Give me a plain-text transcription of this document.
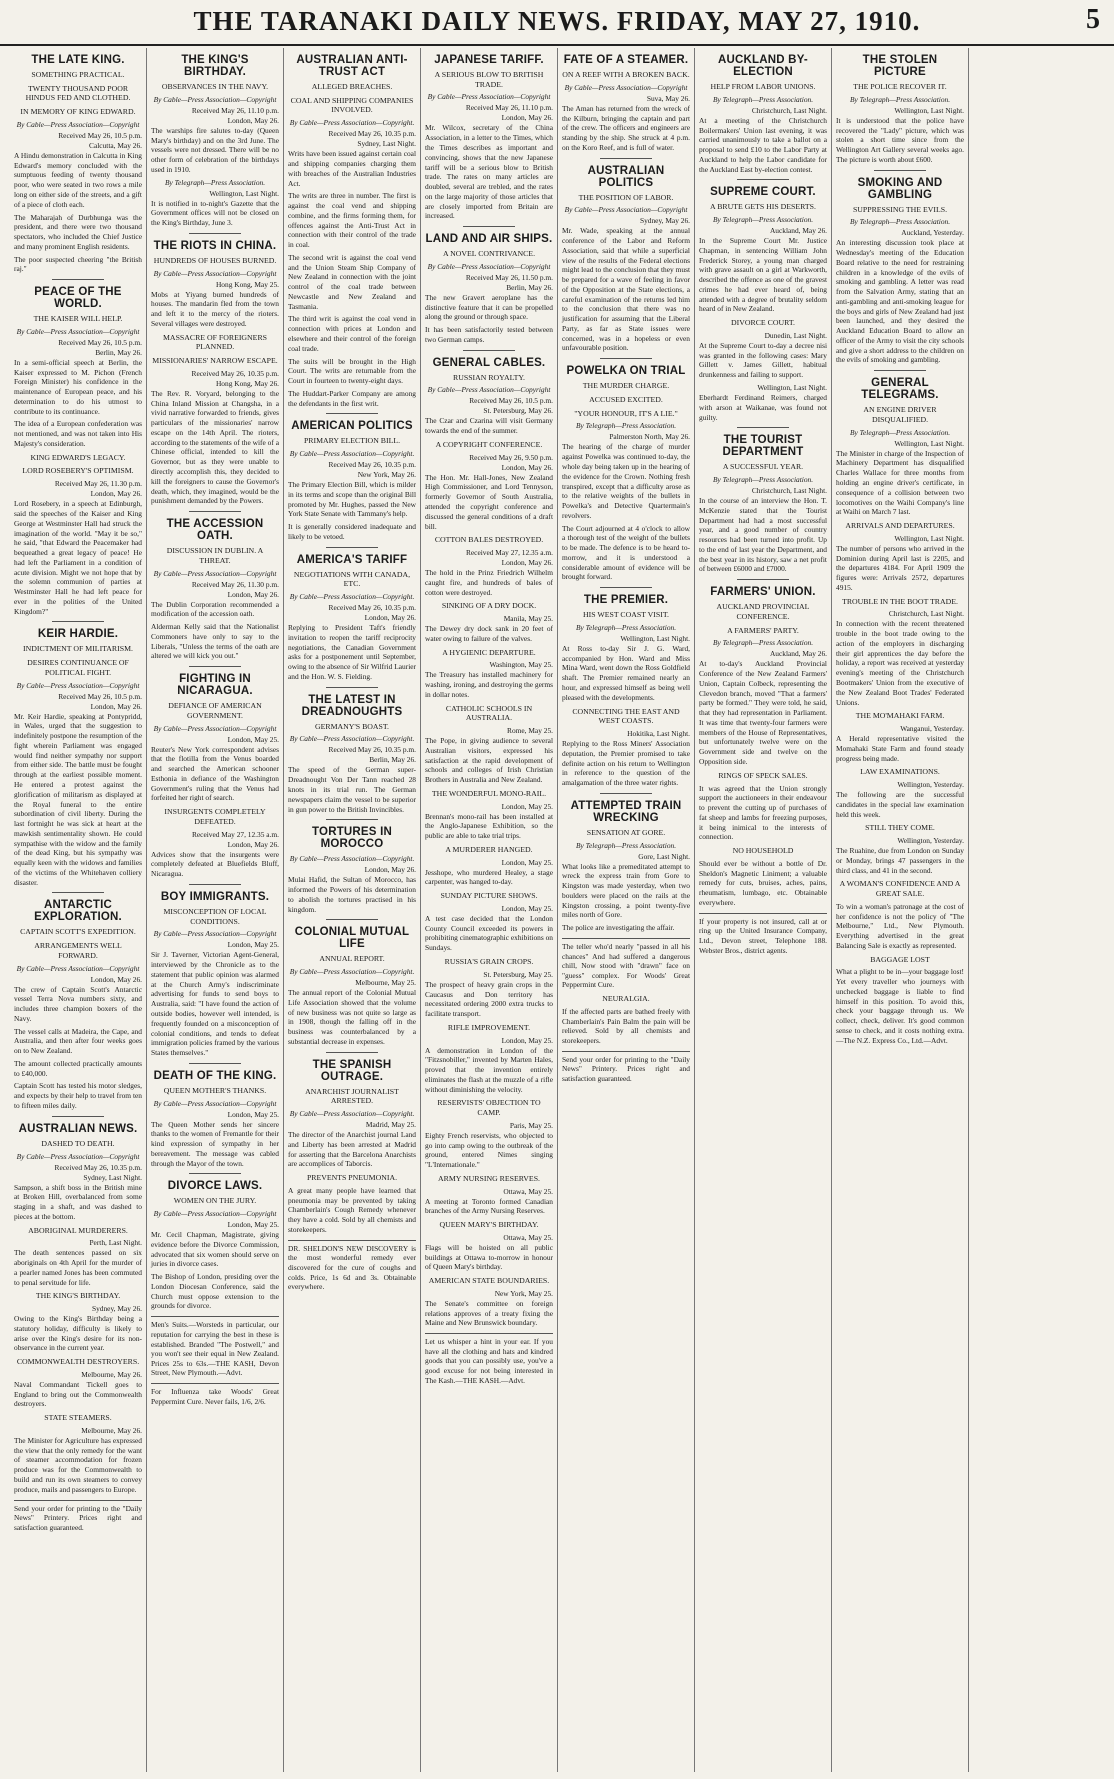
THE TARANAKI DAILY NEWS. FRIDAY, MAY 27, 1910.	5
THE LATE KING.
SOMETHING PRACTICAL.
TWENTY THOUSAND POOR HINDUS FED AND CLOTHED.
IN MEMORY OF KING EDWARD.
By Cable—Press Association—Copyright
Received May 26, 10.5 p.m.
Calcutta, May 26.

A Hindu demonstration in Calcutta in King Edward's memory concluded with the sumptuous feeding of twenty thousand poor, who were seated in two rows a mile long on either side of the streets, and a gift of a piece of cloth each.

The Maharajah of Durbhunga was the president, and there were two thousand spectators, who included the Chief Justice and many prominent English residents.

The poor suspected cheering "the British raj."

PEACE OF THE WORLD.
THE KAISER WILL HELP.
By Cable—Press Association—Copyright
Received May 26, 10.5 p.m.
Berlin, May 26.

In a semi-official speech at Berlin, the Kaiser expressed to M. Pichon (French Foreign Minister) his confidence in the maintenance of European peace, and his determination to do his utmost to contribute to its continuance.

The idea of a European confederation was not mentioned, and was not taken into His Majesty's consideration.

KING EDWARD'S LEGACY.
LORD ROSEBERY'S OPTIMISM.
Received May 26, 11.30 p.m.
London, May 26.

Lord Rosebery, in a speech at Edinburgh, said the speeches of the Kaiser and King George at Westminster Hall had struck the imagination of the world. "May it be so," he said, "that Edward the Peacemaker had bequeathed a great legacy of peace! He had left the Parliament in a condition of acute division. Might we not hope that by the solemn communion of parties at Westminster Hall he had left peace for ever in the polities of the United Kingdom?"

KEIR HARDIE.
INDICTMENT OF MILITARISM.
DESIRES CONTINUANCE OF POLITICAL FIGHT.
By Cable—Press Association—Copyright
Received May 26, 10.5 p.m.
London, May 26.

Mr. Keir Hardie, speaking at Pontypridd, in Wales, urged that the suggestion to indefinitely postpone the resumption of the fight wherein Parliament was engaged would find neither sympathy nor support from either side. The battle must be fought through at the earliest possible moment. He entered a protest against the glorification of militarism as displayed at the Royal funeral to the entire subordination of civil liberty. During the last fortnight he was sick at heart at the mawkish sentimentality shown. He could sympathise with the widow and the family of the dead King, but his sympathy was equally keen with the widows and families of the victims of the Whitehaven colliery disaster.

ANTARCTIC EXPLORATION.
CAPTAIN SCOTT'S EXPEDITION.
ARRANGEMENTS WELL FORWARD.
By Cable—Press Association—Copyright
London, May 26.

The crew of Captain Scott's Antarctic vessel Terra Nova numbers sixty, and includes three champion boxers of the Navy.

The vessel calls at Madeira, the Cape, and Australia, and then after four weeks goes on to New Zealand.

The amount collected practically amounts to £40,000.

Captain Scott has tested his motor sledges, and expects by their help to travel from ten to fifteen miles daily.

AUSTRALIAN NEWS.
DASHED TO DEATH.
By Cable—Press Association—Copyright
Received May 26, 10.35 p.m.
Sydney, Last Night.

Sampson, a shift boss in the British mine at Broken Hill, overbalanced from some staging in a shaft, and was dashed to pieces at the bottom.

ABORIGINAL MURDERERS.
Perth, Last Night.

The death sentences passed on six aboriginals on 4th April for the murder of a pearler named Jones has been commuted to penal servitude for life.

THE KING'S BIRTHDAY.
Sydney, May 26.

Owing to the King's Birthday being a statutory holiday, difficulty is likely to arise over the King's desire for its non-observance in the current year.

COMMONWEALTH DESTROYERS.
Melbourne, May 26.

Naval Commandant Tickell goes to England to bring out the Commonwealth destroyers.

STATE STEAMERS.
Melbourne, May 26.

The Minister for Agriculture has expressed the view that the only remedy for the want of steamer accommodation for frozen produce was for the Commonwealth to build and run its own steamers to convey produce, mails and passengers to Europe.

Send your order for printing to the "Daily News" Printery. Prices right and satisfaction guaranteed.
THE KING'S BIRTHDAY.
OBSERVANCES IN THE NAVY.
By Cable—Press Association—Copyright
Received May 26, 11.10 p.m.
London, May 26.

The warships fire salutes to-day (Queen Mary's birthday) and on the 3rd June. The vessels were not dressed. There will be no other form of celebration of the birthdays used in 1910.

By Telegraph—Press Association.
Wellington, Last Night.

It is notified in to-night's Gazette that the Government offices will not be closed on the King's Birthday, June 3.

THE RIOTS IN CHINA.
HUNDREDS OF HOUSES BURNED.
By Cable—Press Association—Copyright
Hong Kong, May 25.

Mobs at Yiyang burned hundreds of houses. The mandarin fled from the town and left it to the mercy of the rioters. Several villages were destroyed.

MASSACRE OF FOREIGNERS PLANNED.
MISSIONARIES' NARROW ESCAPE.
Received May 26, 10.35 p.m.
Hong Kong, May 26.

The Rev. R. Voryard, belonging to the China Inland Mission at Changsha, in a vivid narrative forwarded to friends, gives particulars of the missionaries' narrow escape on the 14th April. The rioters, according to the statements of the wife of a Chinese official, intended to kill the Governor, but as they were unable to directly accomplish this, they decided to kill the foreigners to cause the Governor's death, which, they imagined, would be the punishment demanded by the Powers.

THE ACCESSION OATH.
DISCUSSION IN DUBLIN. A THREAT.
By Cable—Press Association—Copyright
Received May 26, 11.30 p.m.
London, May 26.

The Dublin Corporation recommended a modification of the accession oath.

Alderman Kelly said that the Nationalist Commoners have only to say to the Liberals, "Unless the terms of the oath are altered we will kick you out."

FIGHTING IN NICARAGUA.
DEFIANCE OF AMERICAN GOVERNMENT.
By Cable—Press Association—Copyright
London, May 25.

Reuter's New York correspondent advises that the flotilla from the Venus boarded and searched the American schooner Esthonia in defiance of the Washington Government's ruling that the Venus had forfeited her right of search.

INSURGENTS COMPLETELY DEFEATED.
Received May 27, 12.35 a.m.
London, May 26.

Advices show that the insurgents were completely defeated at Bluefields Bluff, Nicaragua.

BOY IMMIGRANTS.
MISCONCEPTION OF LOCAL CONDITIONS.
By Cable—Press Association—Copyright
London, May 25.

Sir J. Taverner, Victorian Agent-General, interviewed by the Chronicle as to the statement that public opinion was alarmed at the Church Army's indiscriminate advertising for funds to send boys to Australia, said: "I have found the action of outside bodies, however well intended, is frequently founded on a misconception of colonial conditions, and tends to defeat immigration policies framed by the various States themselves."

DEATH OF THE KING.
QUEEN MOTHER'S THANKS.
By Cable—Press Association—Copyright
London, May 25.

The Queen Mother sends her sincere thanks to the women of Fremantle for their kind expression of sympathy in her bereavement. The message was cabled through the Mayor of the town.

DIVORCE LAWS.
WOMEN ON THE JURY.
By Cable—Press Association—Copyright
London, May 25.

Mr. Cecil Chapman, Magistrate, giving evidence before the Divorce Commission, advocated that six women should serve on juries in divorce cases.

The Bishop of London, presiding over the London Diocesan Conference, said the Church must oppose extension to the grounds for divorce.

Men's Suits.—Worsteds in particular, our reputation for carrying the best in these is established. Branded "The Postwell," and you won't see their equal in New Zealand. Prices 25s to 63s.—THE KASH, Devon Street, New Plymouth.—Advt.
For Influenza take Woods' Great Peppermint Cure. Never fails, 1/6, 2/6.
AUSTRALIAN ANTI-TRUST ACT
ALLEGED BREACHES.
COAL AND SHIPPING COMPANIES INVOLVED.
By Cable—Press Association—Copyright.
Received May 26, 10.35 p.m.
Sydney, Last Night.

Writs have been issued against certain coal and shipping companies charging them with breaches of the Australian Industries Act.

The writs are three in number. The first is against the coal vend and shipping combine, and the firms forming them, for offences against the Anti-Trust Act in connection with their control of the trade in coal.

The second writ is against the coal vend and the Union Steam Ship Company of New Zealand in connection with the joint control of the coal trade between Newcastle and New Zealand and Tasmania.

The third writ is against the coal vend in connection with prices at London and elsewhere and their control of the foreign coal trade.

The suits will be brought in the High Court. The writs are returnable from the Court in fourteen to twenty-eight days.

The Huddart-Parker Company are among the defendants in the first writ.

AMERICAN POLITICS
PRIMARY ELECTION BILL.
By Cable—Press Association—Copyright.
Received May 26, 10.35 p.m.
New York, May 26.

The Primary Election Bill, which is milder in its terms and scope than the original Bill promoted by Mr. Hughes, passed the New York State Senate with Tammany's help.

It is generally considered inadequate and likely to be vetoed.

AMERICA'S TARIFF
NEGOTIATIONS WITH CANADA, ETC.
By Cable—Press Association—Copyright.
Received May 26, 10.35 p.m.
London, May 26.

Replying to President Taft's friendly invitation to reopen the tariff reciprocity negotiations, the Canadian Government asks for a postponement until September, owing to the absence of Sir Wilfrid Laurier and the Hon. W. S. Fielding.

THE LATEST IN DREADNOUGHTS
GERMANY'S BOAST.
By Cable—Press Association—Copyright.
Received May 26, 10.35 p.m.
Berlin, May 26.

The speed of the German super-Dreadnought Von Der Tann reached 28 knots in its trial run. The German newspapers claim the vessel to be superior in gun power to the British Invincibles.

TORTURES IN MOROCCO
By Cable—Press Association—Copyright.
London, May 26.

Mulai Hafid, the Sultan of Morocco, has informed the Powers of his determination to abolish the tortures practised in his kingdom.

COLONIAL MUTUAL LIFE
ANNUAL REPORT.
By Cable—Press Association—Copyright.
Melbourne, May 25.

The annual report of the Colonial Mutual Life Association showed that the volume of new business was not quite so large as in 1908, though the falling off in the business was counterbalanced by a substantial decrease in expenses.

THE SPANISH OUTRAGE.
ANARCHIST JOURNALIST ARRESTED.
By Cable—Press Association—Copyright.
Madrid, May 25.

The director of the Anarchist journal Land and Liberty has been arrested at Madrid for asserting that the Barcelona Anarchists are accomplices of Taborcis.

PREVENTS PNEUMONIA.

A great many people have learned that pneumonia may be prevented by taking Chamberlain's Cough Remedy whenever they have a cold. Sold by all chemists and storekeepers.

DR. SHELDON'S NEW DISCOVERY is the most wonderful remedy ever discovered for the cure of coughs and colds. Price, 1s 6d and 3s. Obtainable everywhere.
JAPANESE TARIFF.
A SERIOUS BLOW TO BRITISH TRADE.
By Cable—Press Association—Copyright
Received May 26, 11.10 p.m.
London, May 26.

Mr. Wilcox, secretary of the China Association, in a letter to the Times, which the Times describes as important and convincing, shows that the new Japanese tariff will be a serious blow to British trade. The rates on many articles are doubled, several are trebled, and the rates on the large majority of those articles that are closely imported from Britain are increased.

LAND AND AIR SHIPS.
A NOVEL CONTRIVANCE.
By Cable—Press Association—Copyright
Received May 26, 11.50 p.m.
Berlin, May 26.

The new Gravert aeroplane has the distinctive feature that it can be propelled along the ground or through space.

It has been satisfactorily tested between two German camps.

GENERAL CABLES.
RUSSIAN ROYALTY.
By Cable—Press Association—Copyright
Received May 26, 10.5 p.m.
St. Petersburg, May 26.

The Czar and Czarina will visit Germany towards the end of the summer.

A COPYRIGHT CONFERENCE.
Received May 26, 9.50 p.m.
London, May 26.

The Hon. Mr. Hall-Jones, New Zealand High Commissioner, and Lord Tennyson, formerly Governor of South Australia, attended the copyright conference and discussed the general conditions of a draft bill.

COTTON BALES DESTROYED.
Received May 27, 12.35 a.m.
London, May 26.

The hold in the Prinz Friedrich Wilhelm caught fire, and hundreds of bales of cotton were destroyed.

SINKING OF A DRY DOCK.
Manila, May 25.

The Dewey dry dock sank in 20 feet of water owing to failure of the valves.

A HYGIENIC DEPARTURE.
Washington, May 25.

The Treasury has installed machinery for washing, ironing, and destroying the germs in dollar notes.

CATHOLIC SCHOOLS IN AUSTRALIA.
Rome, May 25.

The Pope, in giving audience to several Australian visitors, expressed his satisfaction at the rapid development of schools and colleges of Irish Christian Brothers in Australia and New Zealand.

THE WONDERFUL MONO-RAIL.
London, May 25.

Brennan's mono-rail has been installed at the Anglo-Japanese Exhibition, so the public are able to take trial trips.

A MURDERER HANGED.
London, May 25.

Jesshope, who murdered Healey, a stage carpenter, was hanged to-day.

SUNDAY PICTURE SHOWS.
London, May 25.

A test case decided that the London County Council exceeded its powers in prohibiting cinematographic exhibitions on Sundays.

RUSSIA'S GRAIN CROPS.
St. Petersburg, May 25.

The prospect of heavy grain crops in the Caucasus and Don territory has necessitated ordering 2000 extra trucks to facilitate transport.

RIFLE IMPROVEMENT.
London, May 25.

A demonstration in London of the "Fitzsnobiller," invented by Marten Hales, proved that the invention entirely eliminates the flash at the muzzle of a rifle without diminishing the velocity.

RESERVISTS' OBJECTION TO CAMP.
Paris, May 25.

Eighty French reservists, who objected to go into camp owing to the outbreak of the ground, entered Nimes singing "L'Internationale."

ARMY NURSING RESERVES.
Ottawa, May 25.

A meeting at Toronto formed Canadian branches of the Army Nursing Reserves.

QUEEN MARY'S BIRTHDAY.
Ottawa, May 25.

Flags will be hoisted on all public buildings at Ottawa to-morrow in honour of Queen Mary's birthday.

AMERICAN STATE BOUNDARIES.
New York, May 25.

The Senate's committee on foreign relations approves of a treaty fixing the Maine and New Brunswick boundary.

Let us whisper a hint in your ear. If you have all the clothing and hats and kindred goods that you can possibly use, you've a good excuse for not being interested in The Kash.—THE KASH.—Advt.
FATE OF A STEAMER.
ON A REEF WITH A BROKEN BACK.
By Cable—Press Association—Copyright
Suva, May 26.

The Aman has returned from the wreck of the Kilburn, bringing the captain and part of the crew. The officers and engineers are standing by the ship. She struck at 4 p.m. on the Koro Reef, and is full of water.

AUSTRALIAN POLITICS
THE POSITION OF LABOR.
By Cable—Press Association—Copyright
Sydney, May 26.

Mr. Wade, speaking at the annual conference of the Labor and Reform Association, said that while a superficial view of the results of the Federal elections might lead to the conclusion that they must be prepared for a wave of feeling in favor of the Opposition at the State elections, a careful examination of the returns led him to the conclusion that there was no justification for assuming that the Liberal Party, as far as State issues were concerned, was in a hopeless or even unfavourable position.

POWELKA ON TRIAL
THE MURDER CHARGE.
ACCUSED EXCITED.
"YOUR HONOUR, IT'S A LIE."
By Telegraph—Press Association.
Palmerston North, May 26.

The hearing of the charge of murder against Powelka was continued to-day, the whole day being taken up in the hearing of the evidence for the Crown. Nothing fresh transpired, except that a difficulty arose as to the relative weights of the bullets in Powelka's and Detective Quartermain's revolvers.

The Court adjourned at 4 o'clock to allow a thorough test of the weight of the bullets to be made. The defence is to be heard to-morrow, and it is understood a considerable amount of evidence will be brought forward.

THE PREMIER.
HIS WEST COAST VISIT.
By Telegraph—Press Association.
Wellington, Last Night.

At Ross to-day Sir J. G. Ward, accompanied by Hon. Ward and Miss Mina Ward, went down the Ross Goldfield shaft. The Premier remained nearly an hour, and expressed himself as being well pleased with the developments.

CONNECTING THE EAST AND WEST COASTS.
Hokitika, Last Night.

Replying to the Ross Miners' Association deputation, the Premier promised to take definite action on his return to Wellington in reference to the question of the amalgamation of the three water rights.

ATTEMPTED TRAIN WRECKING
SENSATION AT GORE.
By Telegraph—Press Association.
Gore, Last Night.

What looks like a premeditated attempt to wreck the express train from Gore to Kingston was made yesterday, when two boulders were placed on the rails at the Kingston crossing, a point twenty-five miles north of Gore.

The police are investigating the affair.

The teller who'd nearly "passed in all his chances" And had suffered a dangerous chill, Now stood with "drawn" face on "guess" complex. For Woods' Great Peppermint Cure.
NEURALGIA.

If the affected parts are bathed freely with Chamberlain's Pain Balm the pain will be relieved. Sold by all chemists and storekeepers.

Send your order for printing to the "Daily News" Printery. Prices right and satisfaction guaranteed.
AUCKLAND BY-ELECTION
HELP FROM LABOR UNIONS.
By Telegraph—Press Association.
Christchurch, Last Night.

At a meeting of the Christchurch Boilermakers' Union last evening, it was carried unanimously to take a ballot on a proposal to send £10 to the Labor Party at Auckland to help the Labor candidate for the Auckland East by-election contest.

SUPREME COURT.
A BRUTE GETS HIS DESERTS.
By Telegraph—Press Association.
Auckland, May 26.

In the Supreme Court Mr. Justice Chapman, in sentencing William John Frederick Storey, a young man charged with grave assault on a girl at Warkworth, described the offence as one of the gravest crimes he had ever heard of, being attended with a degree of brutality seldom heard of in New Zealand.

DIVORCE COURT.
Dunedin, Last Night.

At the Supreme Court to-day a decree nisi was granted in the following cases: Mary Gillett v. James Gillett, habitual drunkenness and failing to support.

Wellington, Last Night.

Eberhardt Ferdinand Reimers, charged with arson at Waikanae, was found not guilty.

THE TOURIST DEPARTMENT
A SUCCESSFUL YEAR.
By Telegraph—Press Association.
Christchurch, Last Night.

In the course of an interview the Hon. T. McKenzie stated that the Tourist Department had had a most successful year, and a good number of country resources had been turned into profit. Up to the end of last year the Department, and the best year in its history, saw a net profit of between £6000 and £7000.

FARMERS' UNION.
AUCKLAND PROVINCIAL CONFERENCE.
A FARMERS' PARTY.
By Telegraph—Press Association.
Auckland, May 26.

At to-day's Auckland Provincial Conference of the New Zealand Farmers' Union, Captain Colbeck, representing the Clevedon branch, moved "That a farmers' party be formed." They were told, he said, that they had representation in Parliament. It was time that twenty-four farmers were members of the House of Representatives, but unfortunately twelve were on the Government side and twelve on the Opposition side.

RINGS OF SPECK SALES.

It was agreed that the Union strongly support the auctioneers in their endeavour to prevent the cutting up of purchases of fat sheep and lambs for freezing purposes, it being inimical to the interests of connection.

NO HOUSEHOLD

Should ever be without a bottle of Dr. Sheldon's Magnetic Liniment; a valuable remedy for cuts, bruises, aches, pains, rheumatism, lumbago, etc. Obtainable everywhere.

If your property is not insured, call at or ring up the United Insurance Company, Ltd., Devon street, Telephone 188. Webster Bros., district agents.
THE STOLEN PICTURE
THE POLICE RECOVER IT.
By Telegraph—Press Association.
Wellington, Last Night.

It is understood that the police have recovered the "Lady" picture, which was stolen a short time since from the Wellington Art Gallery several weeks ago. The picture is worth about £600.

SMOKING AND GAMBLING
SUPPRESSING THE EVILS.
By Telegraph—Press Association.
Auckland, Yesterday.

An interesting discussion took place at Wednesday's meeting of the Education Board relative to the need for restraining children in a knowledge of the evils of smoking and gambling. A letter was read from the Salvation Army, stating that an anti-gambling and anti-smoking league for the boys and girls of New Zealand had just been launched, and they desired the Auckland Education Board to allow an officer of the Army to visit the city schools and give a short address to the children on the evils of smoking and gambling.

GENERAL TELEGRAMS.
AN ENGINE DRIVER DISQUALIFIED.
By Telegraph—Press Association.
Wellington, Last Night.

The Minister in charge of the Inspection of Machinery Department has disqualified Charles Wallace for three months from holding an engine driver's certificate, in consequence of a collision between two locomotives on the Waihi Company's line at Waihi on March 7 last.

ARRIVALS AND DEPARTURES.
Wellington, Last Night.

The number of persons who arrived in the Dominion during April last is 2205, and the departures 4184. For April 1909 the figures were: Arrivals 2572, departures 4915.

TROUBLE IN THE BOOT TRADE.
Christchurch, Last Night.

In connection with the recent threatened trouble in the boot trade owing to the action of the employers in discharging their girl apprentices the day before the holiday, a report was received at yesterday evening's meeting of the Christchurch Bootmakers' Union from the executive of the New Zealand Boot Trades' Federated Unions.

THE MO'MAHAKI FARM.
Wanganui, Yesterday.

A Herald representative visited the Momahaki State Farm and found steady progress being made.

LAW EXAMINATIONS.
Wellington, Yesterday.

The following are the successful candidates in the special law examination held this week.

STILL THEY COME.
Wellington, Yesterday.

The Ruahine, due from London on Sunday or Monday, brings 47 passengers in the third class, and 41 in the second.

A WOMAN'S CONFIDENCE AND A GREAT SALE.

To win a woman's patronage at the cost of her confidence is not the policy of "The Melbourne," Ltd., New Plymouth. Everything advertised in the great Balancing Sale is exactly as represented.

BAGGAGE LOST

What a plight to be in—your baggage lost! Yet every traveller who journeys with unchecked baggage is liable to find himself in this position. To avoid this, check your baggage through us. We collect, check, deliver. It's good common sense to check, and it costs nothing extra.—The N.Z. Express Co., Ltd.—Advt.
